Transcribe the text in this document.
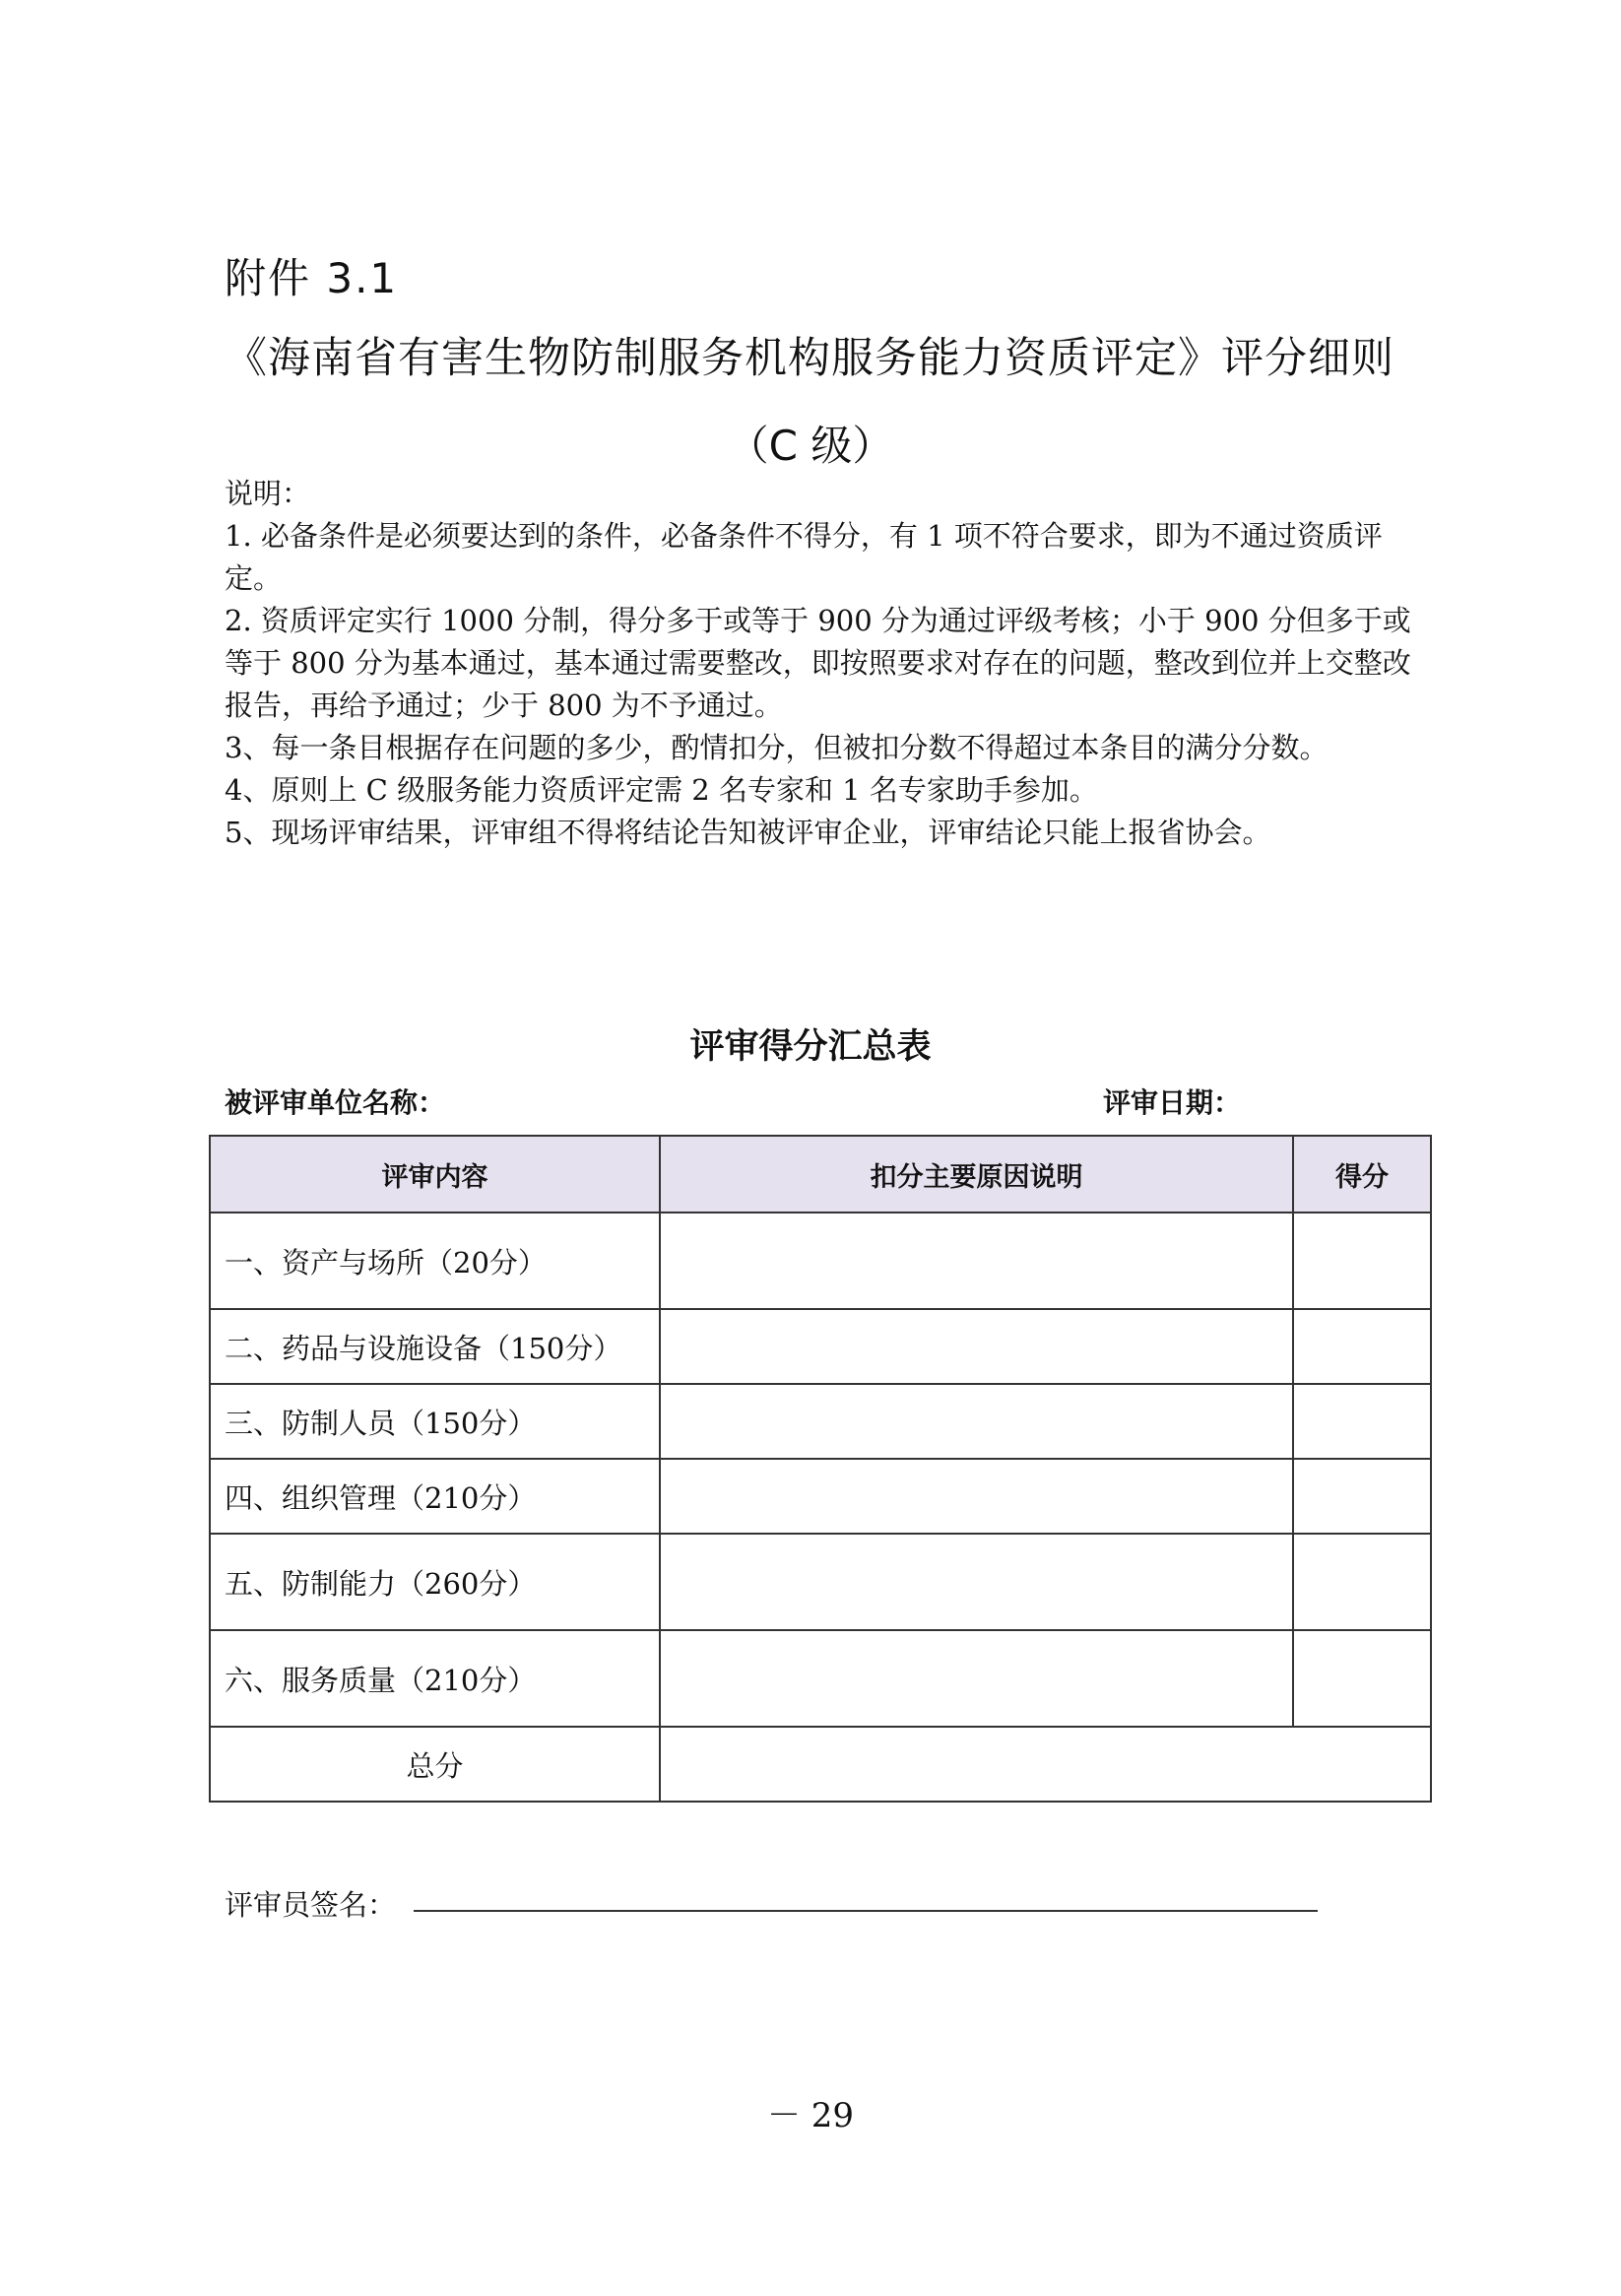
附件 3.1
《海南省有害生物防制服务机构服务能力资质评定》评分细则
（C 级）

说明：

1. 必备条件是必须要达到的条件，必备条件不得分，有 1 项不符合要求，即为不通过资质评定。

2. 资质评定实行 1000 分制，得分多于或等于 900 分为通过评级考核；小于 900 分但多于或等于 800 分为基本通过，基本通过需要整改，即按照要求对存在的问题，整改到位并上交整改报告，再给予通过；少于 800 为不予通过。

3、每一条目根据存在问题的多少，酌情扣分，但被扣分数不得超过本条目的满分分数。

4、原则上 C 级服务能力资质评定需 2 名专家和 1 名专家助手参加。

5、现场评审结果，评审组不得将结论告知被评审企业，评审结论只能上报省协会。

评审得分汇总表
被评审单位名称：	评审日期：
评审内容	扣分主要原因说明	得分
一、资产与场所（20分）		
二、药品与设施设备（150分）		
三、防制人员（150分）		
四、组织管理（210分）		
五、防制能力（260分）		
六、服务质量（210分）		
总分		
评审员签名：
－ 29
